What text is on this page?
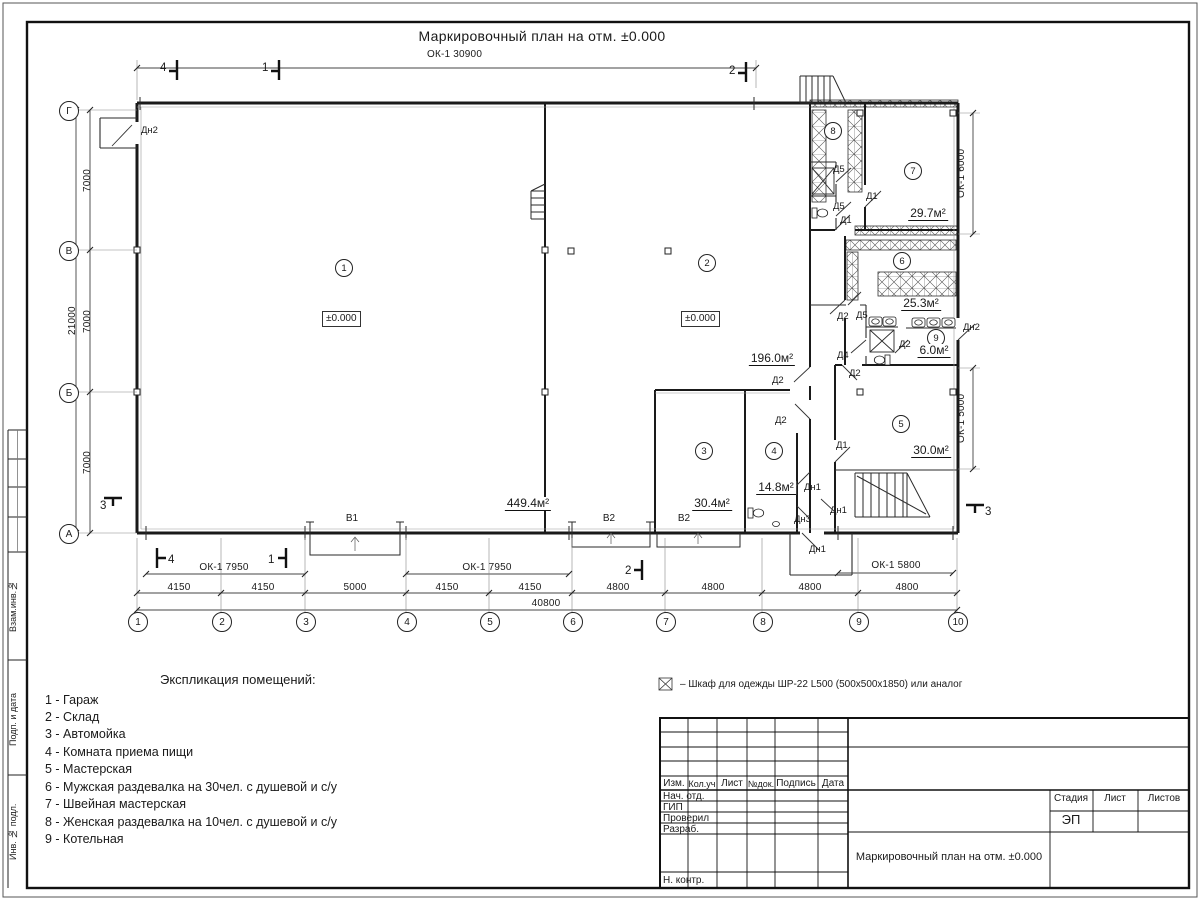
Маркировочный план на отм. ±0.000
ОК-1 30900
4	1	2
4	1
2
3	3
Г
В
Б
А
1	2	3	4	5	6	7	8	9	10
7000
7000
7000
21000
ОК-1 6000
ОК-1 5000
4150	4150	5000	4150	4150	4800	4800	4800	4800
40800
ОК-1 7950	ОК-1 7950	ОК-1 5800
1	2
3	4
5
6
7
8
9
449.4м²
196.0м²
30.4м²
14.8м²
30.0м²
25.3м²
29.7м²
6.0м²
±0.000	±0.000
Дн2
Д5
Д1
Д5
Д1
Д2 Д5
Дн2
Д2
Д4
Д2
Д2
Д2
Д1
Дн1
Дн1
Дн3
Дн1
В1	В2	В2
Экспликация помещений:
1 - Гараж
2 - Склад
3 - Автомойка
4 - Комната приема пищи
5 - Мастерская
6 - Мужская раздевалка на 30чел. с душевой и с/у
7 - Швейная мастерская
8 - Женская раздевалка на 10чел. с душевой и с/у
9 - Котельная
– Шкаф для одежды ШР-22 L500 (500x500x1850) или аналог
Изм. Кол.уч Лист №док. Подпись Дата
Нач. отд.
ГИП
Проверил
Разраб.
Н. контр.
Стадия Лист Листов
ЭП
Маркировочный план на отм. ±0.000
Взам.инв.№
Подп. и дата
Инв. № подл.
